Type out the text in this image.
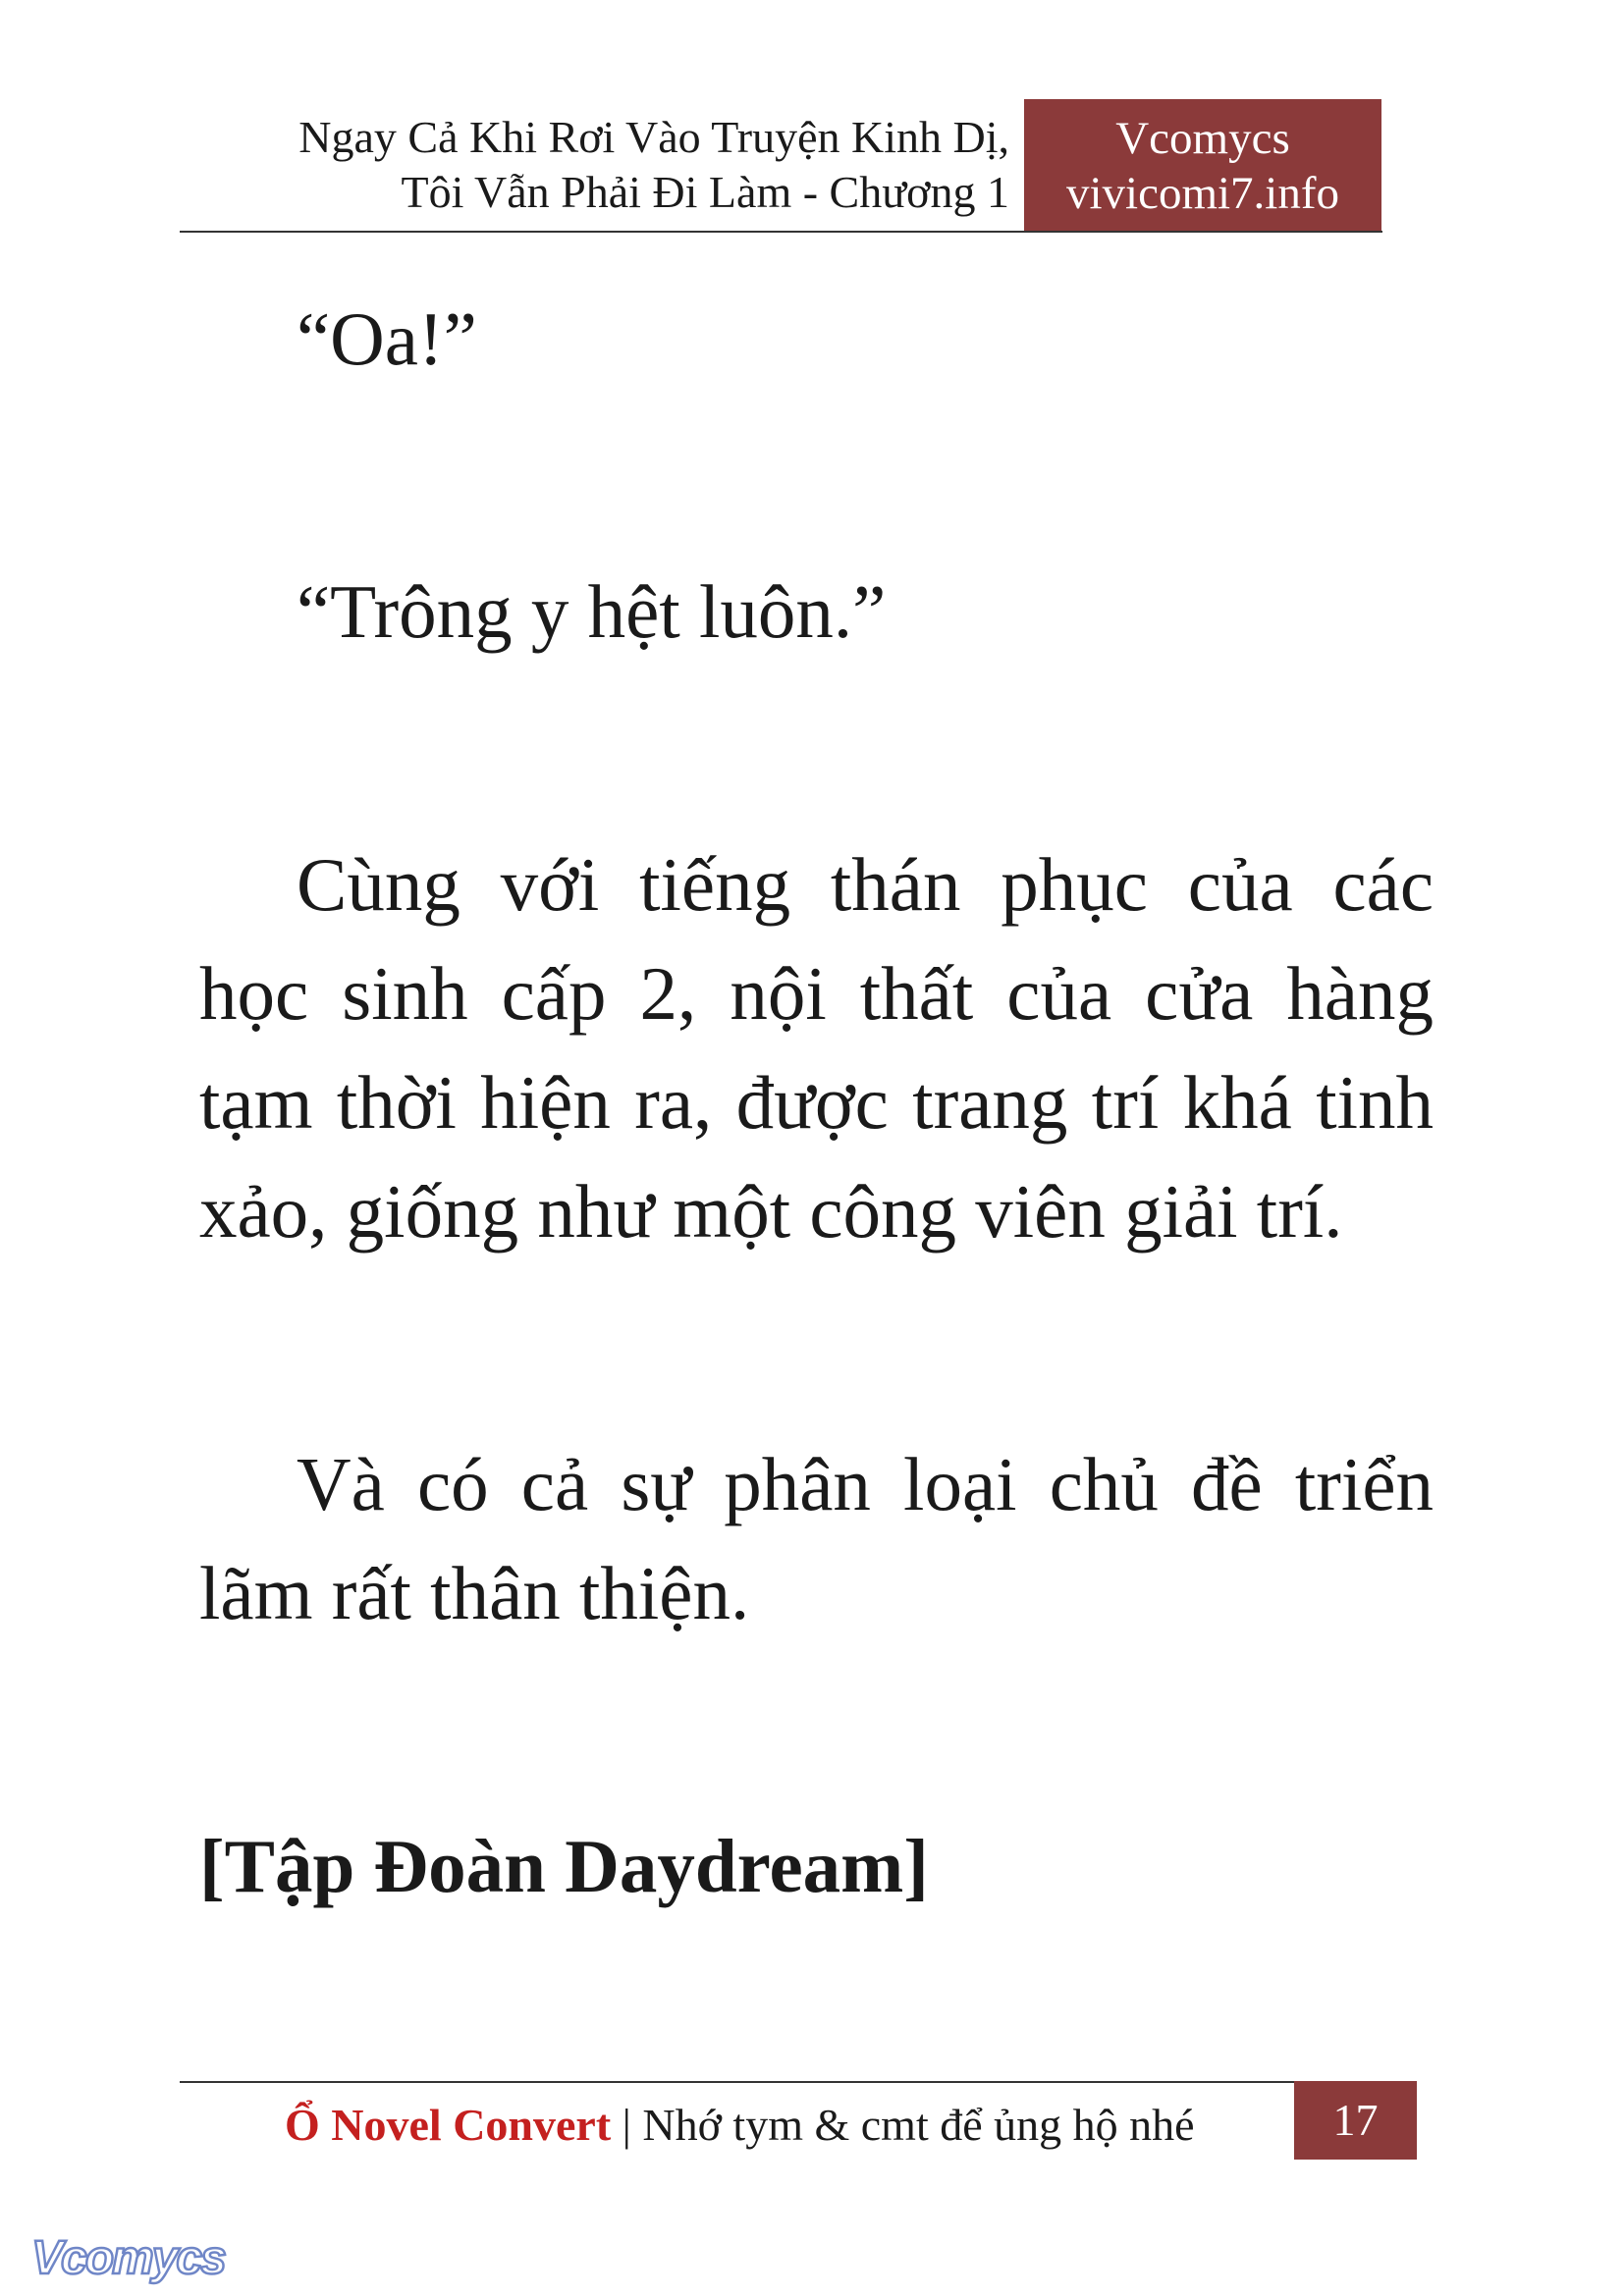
Ngay Cả Khi Rơi Vào Truyện Kinh Dị,
Tôi Vẫn Phải Đi Làm - Chương 1
Vcomycs
vivicomi7.info

“Oa!”

“Trông y hệt luôn.”

Cùng với tiếng thán phục của các học sinh cấp 2, nội thất của cửa hàng tạm thời hiện ra, được trang trí khá tinh xảo, giống như một công viên giải trí.

Và có cả sự phân loại chủ đề triển lãm rất thân thiện.

[Tập Đoàn Daydream]

Ổ Novel Convert | Nhớ tym & cmt để ủng hộ nhé	17
Vcomycs
